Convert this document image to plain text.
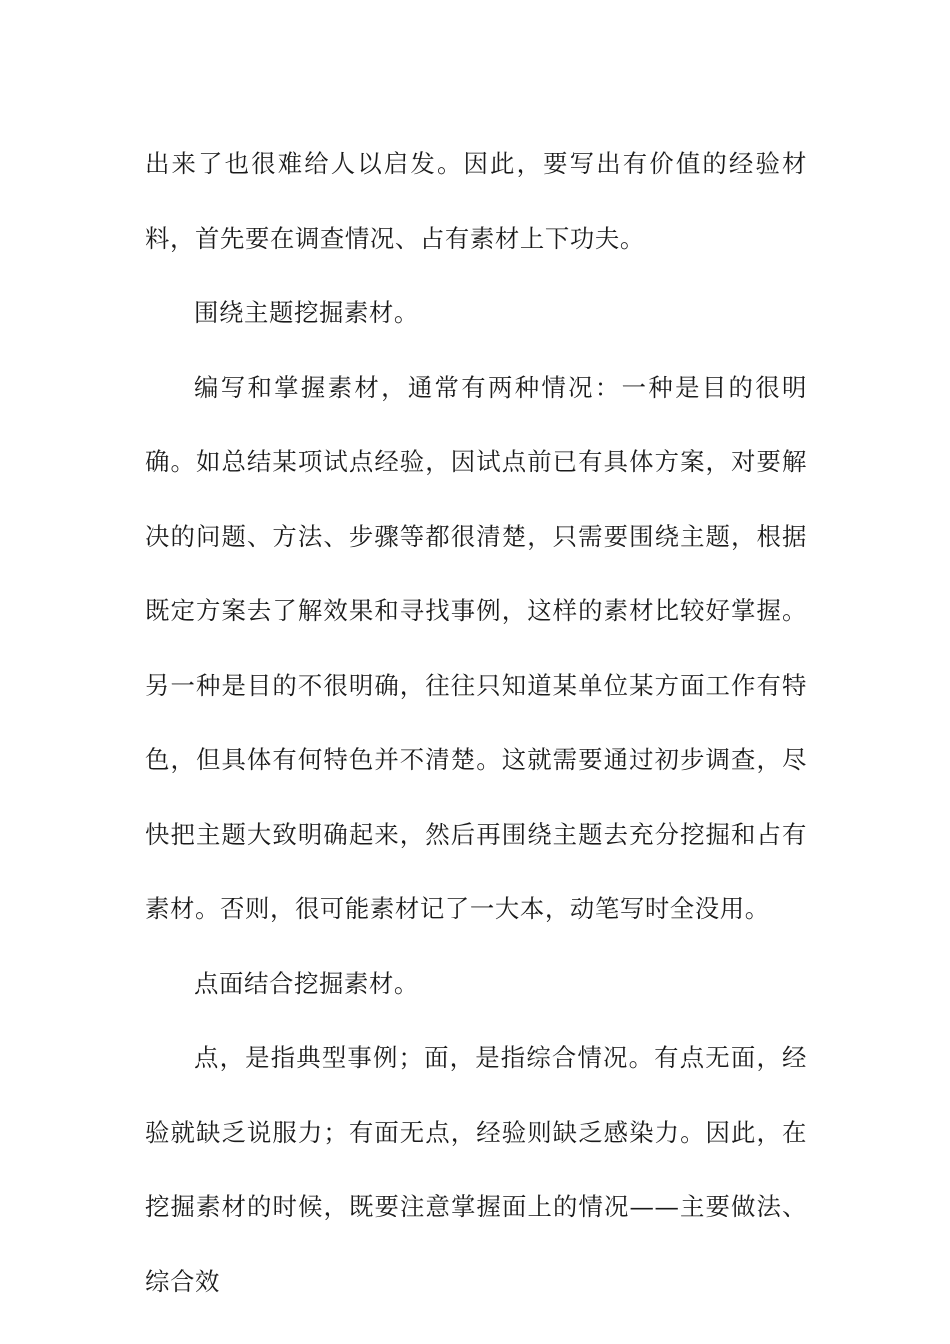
出来了也很难给人以启发。因此，要写出有价值的经验材料，首先要在调查情况、占有素材上下功夫。

围绕主题挖掘素材。

编写和掌握素材，通常有两种情况：一种是目的很明确。如总结某项试点经验，因试点前已有具体方案，对要解决的问题、方法、步骤等都很清楚，只需要围绕主题，根据既定方案去了解效果和寻找事例，这样的素材比较好掌握。另一种是目的不很明确，往往只知道某单位某方面工作有特色，但具体有何特色并不清楚。这就需要通过初步调查，尽快把主题大致明确起来，然后再围绕主题去充分挖掘和占有素材。否则，很可能素材记了一大本，动笔写时全没用。

点面结合挖掘素材。

点，是指典型事例；面，是指综合情况。有点无面，经验就缺乏说服力；有面无点，经验则缺乏感染力。因此，在挖掘素材的时候，既要注意掌握面上的情况——主要做法、综合效
